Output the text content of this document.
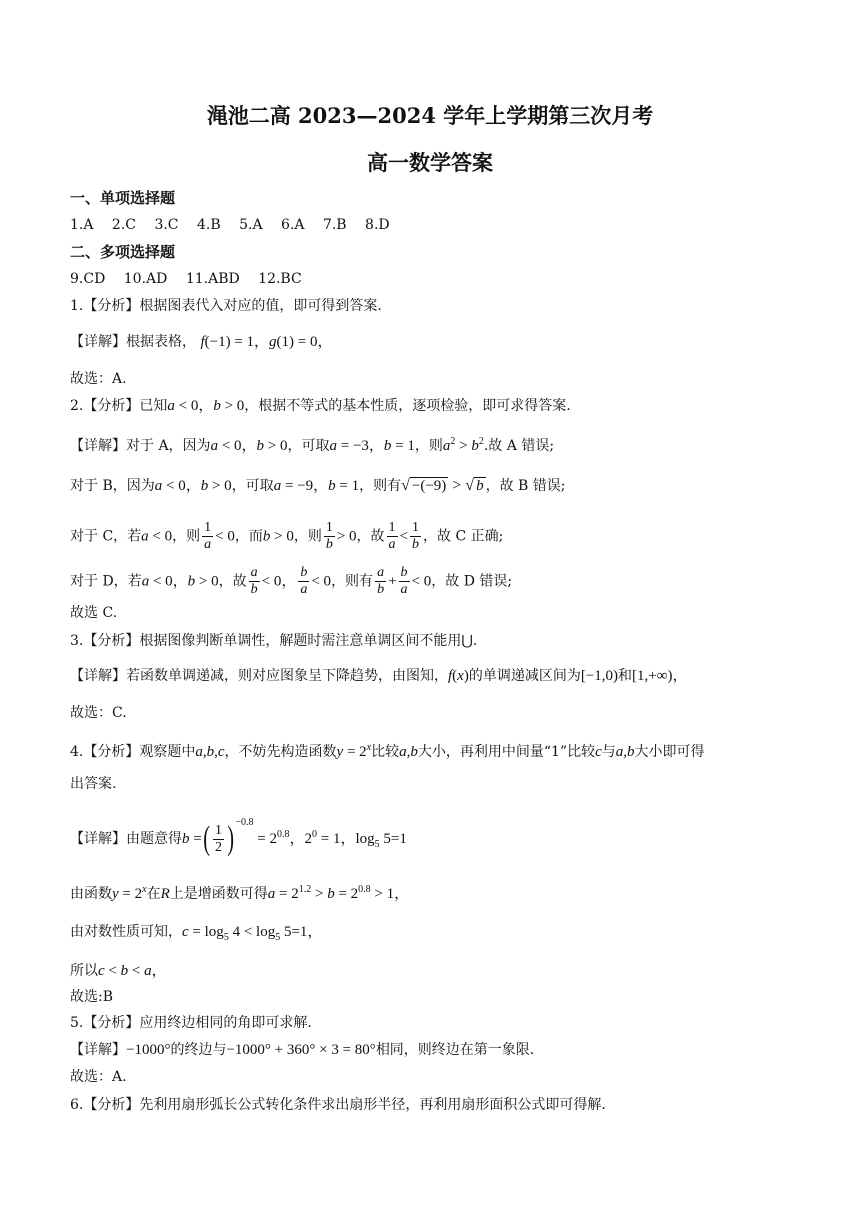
渑池二高 2023—2024 学年上学期第三次月考
高一数学答案
一、单项选择题
1.A 2.C 3.C 4.B 5.A 6.A 7.B 8.D
二、多项选择题
9.CD 10.AD 11.ABD 12.BC
1.【分析】根据图表代入对应的值，即可得到答案.
【详解】根据表格， f(−1) = 1，g(1) = 0，
故选：A.
2.【分析】已知a < 0，b > 0，根据不等式的基本性质，逐项检验，即可求得答案.
【详解】对于 A，因为a < 0，b > 0，可取a = −3，b = 1，则$a^2 > b^2$.故 A 错误;
对于 B，因为a < 0，b > 0，可取a = −9，b = 1，则有√ −(−9) > √ b ，故 B 错误;
对于 C，若a < 0，则 $\frac{1}{a} < 0$，而b > 0，则 $\frac{1}{b} > 0$，故 $\frac{1}{a} < \frac{1}{b}$ ，故 C 正确;
对于 D，若a < 0，b > 0，故 $\frac{a}{b} < 0$， $\frac{b}{a} < 0$，则有 $\frac{a}{b} + \frac{b}{a} < 0$，故 D 错误;
故选 C.
3.【分析】根据图像判断单调性，解题时需注意单调区间不能用⋃.
【详解】若函数单调递减，则对应图象呈下降趋势，由图知，f(x)的单调递减区间为[−1,0)和[1,+∞)，
故选：C.
4.【分析】观察题中a,b,c，不妨先构造函数$y = 2^x$比较a,b大小，再利用中间量“1”比较c与a,b大小即可得
出答案.
【详解】由题意得b =( $\frac{1}{2} )^{-0.8} = 2^{0.8}$，$2^0 = 1$，$\log_5 5=1$
由函数$y = 2^x$在R上是增函数可得$a = 2^{1.2} > b = 2^{0.8} > 1$，
由对数性质可知，$c = \log_5 4 < \log_5 5=1$，
所以c < b < a，
故选:B
5.【分析】应用终边相同的角即可求解.
【详解】−1000°的终边与−1000° + 360° × 3 = 80°相同，则终边在第一象限.
故选：A.
6.【分析】先利用扇形弧长公式转化条件求出扇形半径，再利用扇形面积公式即可得解.
